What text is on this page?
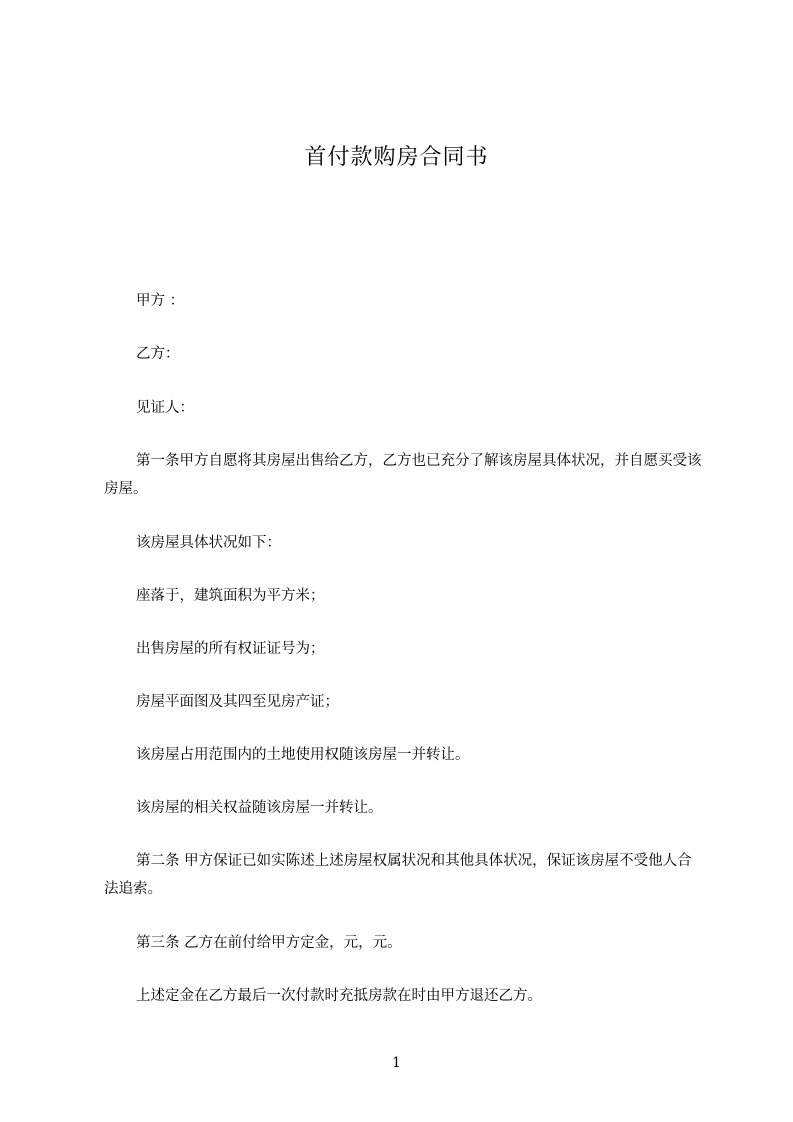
首付款购房合同书
甲方 ：
乙方：
见证人：
第一条甲方自愿将其房屋出售给乙方，乙方也已充分了解该房屋具体状况，并自愿买受该房屋。
该房屋具体状况如下：
座落于，建筑面积为平方米；
出售房屋的所有权证证号为；
房屋平面图及其四至见房产证；
该房屋占用范围内的土地使用权随该房屋一并转让。
该房屋的相关权益随该房屋一并转让。
第二条 甲方保证已如实陈述上述房屋权属状况和其他具体状况，保证该房屋不受他人合法追索。
第三条 乙方在前付给甲方定金，元，元。
上述定金在乙方最后一次付款时充抵房款在时由甲方退还乙方。
1
